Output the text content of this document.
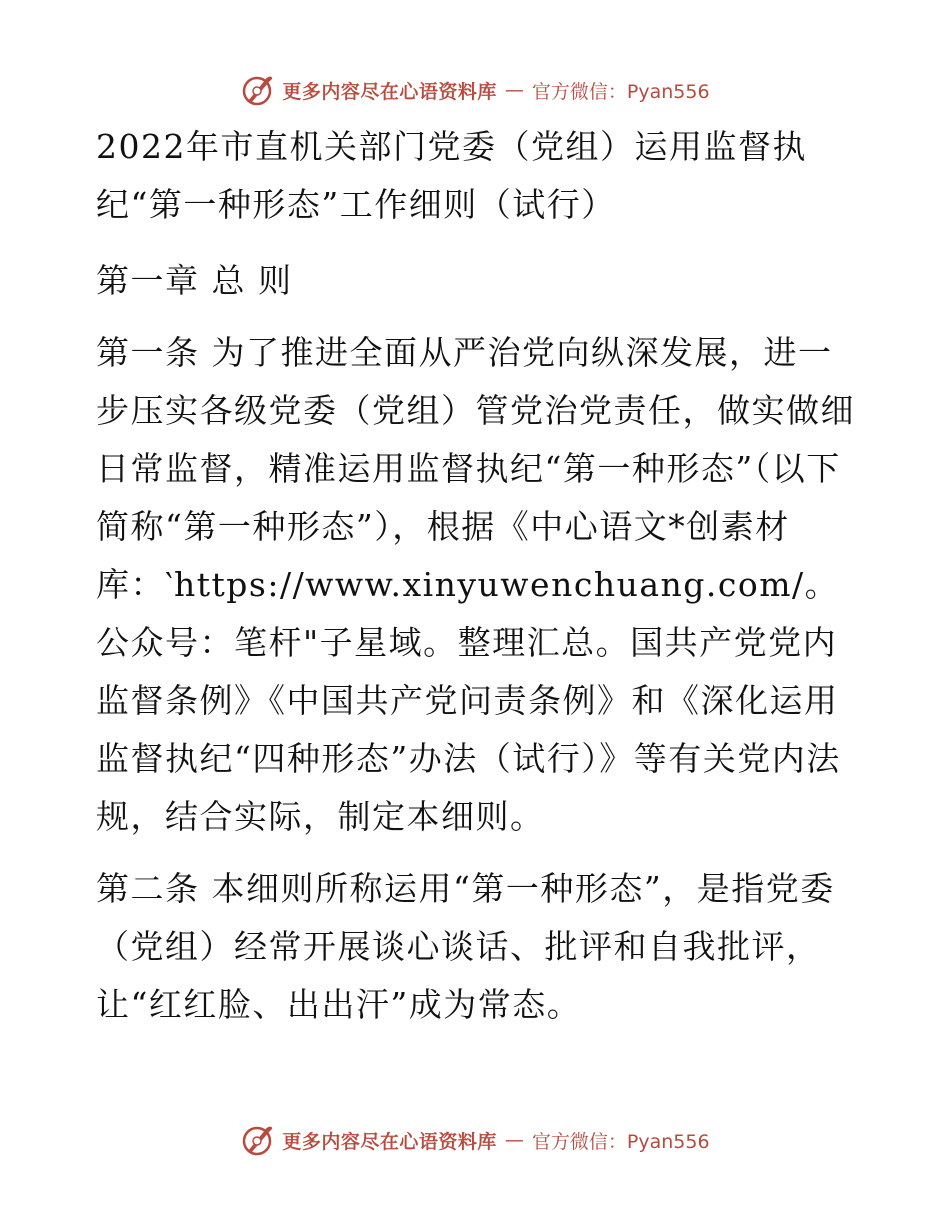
更多内容尽在心语资料库 — 官方微信：Pyan556

2022年市直机关部门党委（党组）运用监督执纪“第一种形态”工作细则（试行）

第一章 总 则

第一条 为了推进全面从严治党向纵深发展，进一步压实各级党委（党组）管党治党责任，做实做细日常监督，精准运用监督执纪“第一种形态”（以下简称“第一种形态”），根据《中心语文*创素材库：‵https://www.xinyuwenchuang.com/。公众号：笔杆"子星域。整理汇总。国共产党党内监督条例》《中国共产党问责条例》和《深化运用监督执纪“四种形态”办法（试行）》等有关党内法规，结合实际，制定本细则。

第二条 本细则所称运用“第一种形态”，是指党委（党组）经常开展谈心谈话、批评和自我批评，让“红红脸、出出汗”成为常态。

更多内容尽在心语资料库 — 官方微信：Pyan556
